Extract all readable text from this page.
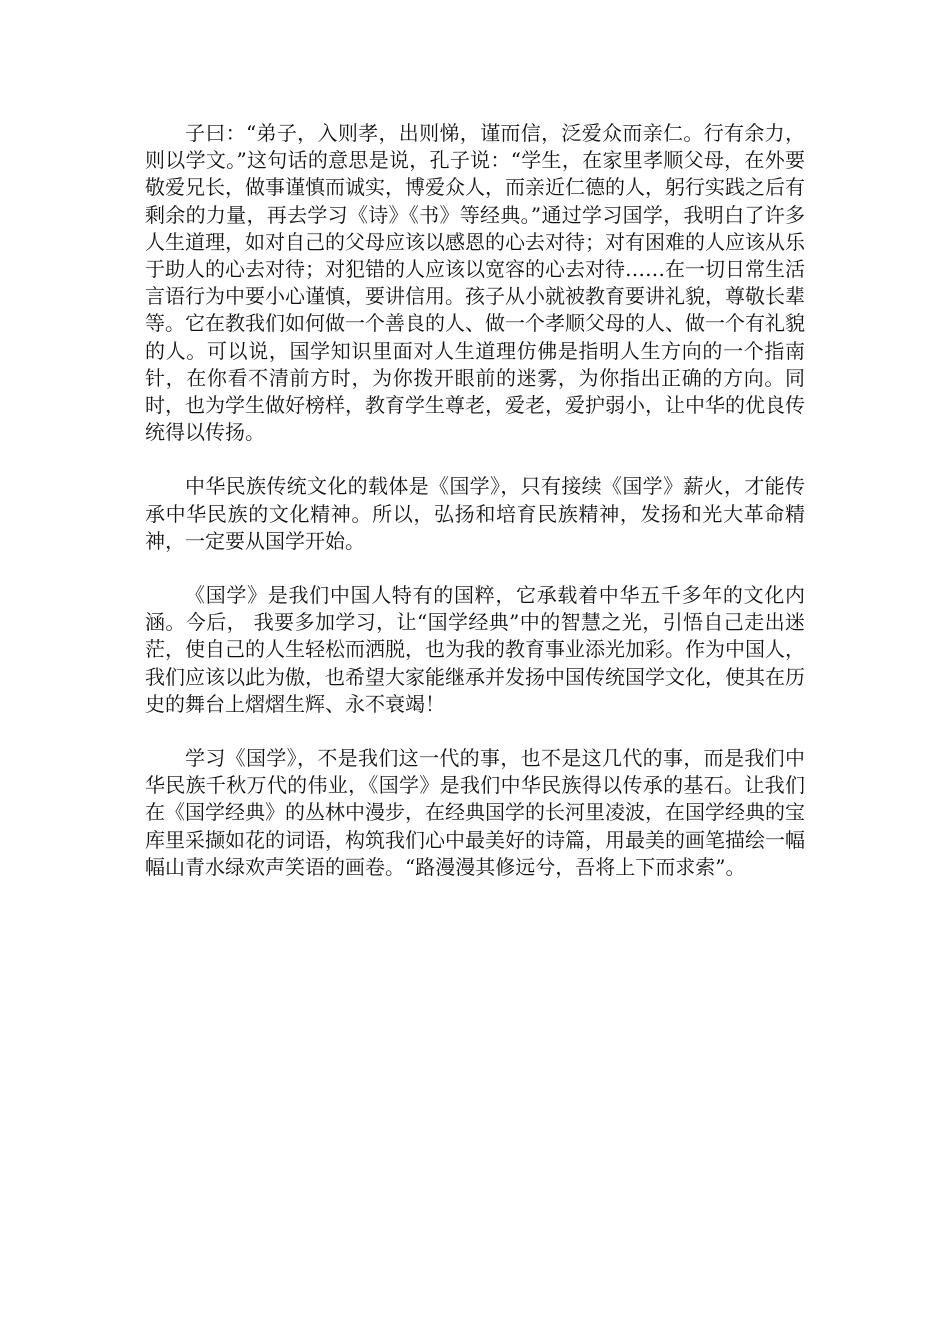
子曰：“弟子，入则孝，出则悌，谨而信，泛爱众而亲仁。行有余力，则以学文。”这句话的意思是说，孔子说：“学生，在家里孝顺父母，在外要敬爱兄长，做事谨慎而诚实，博爱众人，而亲近仁德的人，躬行实践之后有剩余的力量，再去学习《诗》《书》等经典。”通过学习国学，我明白了许多人生道理，如对自己的父母应该以感恩的心去对待；对有困难的人应该从乐于助人的心去对待；对犯错的人应该以宽容的心去对待……在一切日常生活言语行为中要小心谨慎，要讲信用。孩子从小就被教育要讲礼貌，尊敬长辈等。它在教我们如何做一个善良的人、做一个孝顺父母的人、做一个有礼貌的人。可以说，国学知识里面对人生道理仿佛是指明人生方向的一个指南针，在你看不清前方时，为你拨开眼前的迷雾，为你指出正确的方向。同时，也为学生做好榜样，教育学生尊老，爱老，爱护弱小，让中华的优良传统得以传扬。

中华民族传统文化的载体是《国学》，只有接续《国学》薪火，才能传承中华民族的文化精神。所以，弘扬和培育民族精神，发扬和光大革命精神，一定要从国学开始。

《国学》是我们中国人特有的国粹，它承载着中华五千多年的文化内涵。今后， 我要多加学习，让“国学经典”中的智慧之光，引悟自己走出迷茫，使自己的人生轻松而洒脱，也为我的教育事业添光加彩。作为中国人，我们应该以此为傲，也希望大家能继承并发扬中国传统国学文化，使其在历史的舞台上熠熠生辉、永不衰竭！

学习《国学》，不是我们这一代的事，也不是这几代的事，而是我们中华民族千秋万代的伟业，《国学》是我们中华民族得以传承的基石。让我们在《国学经典》的丛林中漫步，在经典国学的长河里凌波，在国学经典的宝库里采撷如花的词语，构筑我们心中最美好的诗篇，用最美的画笔描绘一幅幅山青水绿欢声笑语的画卷。“路漫漫其修远兮，吾将上下而求索”。
